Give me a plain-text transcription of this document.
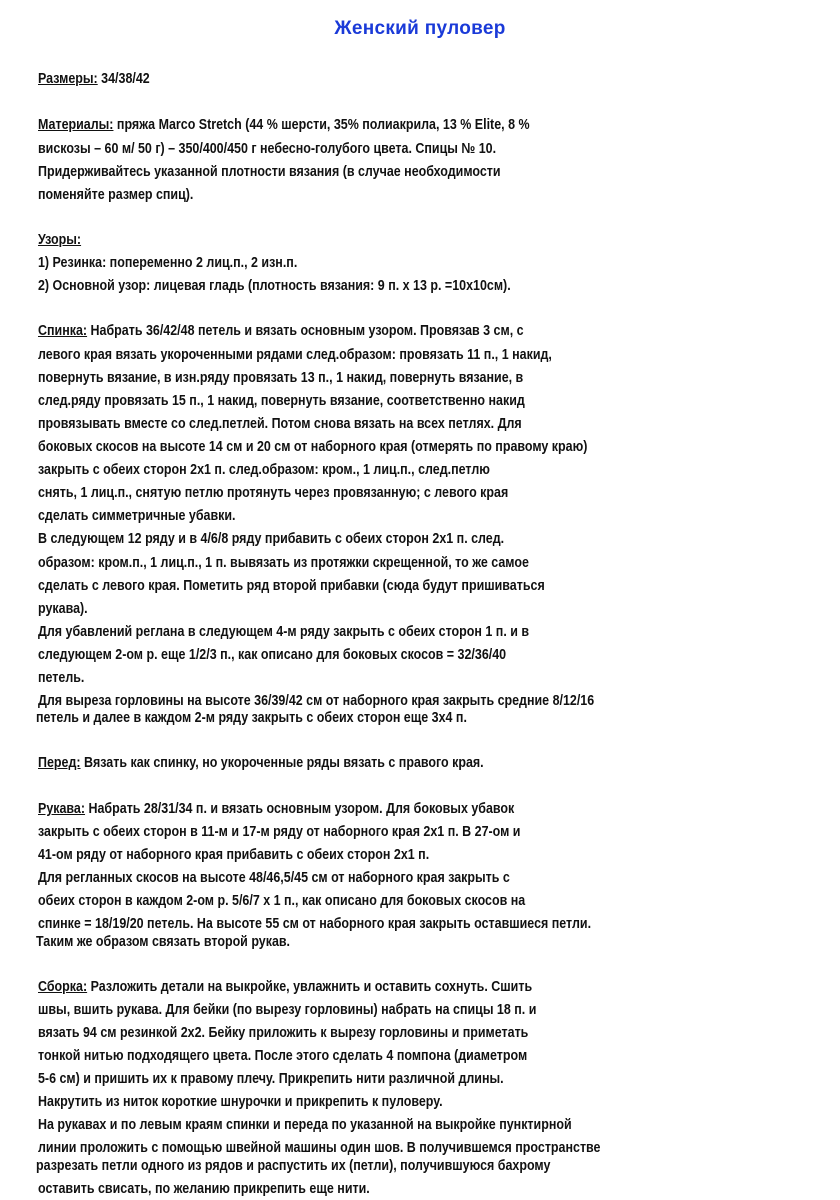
Женский пуловер
Размеры: 34/38/42
Материалы: пряжа Marco Stretch (44 % шерсти, 35% полиакрила, 13 % Elite, 8 %
вискозы – 60 м/ 50 г) – 350/400/450 г небесно-голубого цвета. Спицы № 10.
Придерживайтесь указанной плотности вязания (в случае необходимости
поменяйте размер спиц).
Узоры:
1) Резинка: попеременно 2 лиц.п., 2 изн.п.
2) Основной узор: лицевая гладь (плотность вязания: 9 п. х 13 р. =10х10см).
Спинка: Набрать 36/42/48 петель и вязать основным узором. Провязав 3 см, с
левого края вязать укороченными рядами след.образом: провязать 11 п., 1 накид,
повернуть вязание, в изн.ряду провязать 13 п., 1 накид, повернуть вязание, в
след.ряду провязать 15 п., 1 накид, повернуть вязание, соответственно накид
провязывать вместе со след.петлей. Потом снова вязать на всех петлях. Для
боковых скосов на высоте 14 см и 20 см от наборного края (отмерять по правому краю)
закрыть с обеих сторон 2х1 п. след.образом: кром., 1 лиц.п., след.петлю
снять, 1 лиц.п., снятую петлю протянуть через провязанную; с левого края
сделать симметричные убавки.
В следующем 12 ряду и в 4/6/8 ряду прибавить с обеих сторон 2х1 п. след.
образом: кром.п., 1 лиц.п., 1 п. вывязать из протяжки скрещенной, то же самое
сделать с левого края. Пометить ряд второй прибавки (сюда будут пришиваться
рукава).
Для убавлений реглана в следующем 4-м ряду закрыть с обеих сторон 1 п. и в
следующем 2-ом р. еще 1/2/3 п., как описано для боковых скосов = 32/36/40
петель.
Для выреза горловины на высоте 36/39/42 см от наборного края закрыть средние 8/12/16
петель и далее в каждом 2-м ряду закрыть с обеих сторон еще 3х4 п.
Перед: Вязать как спинку, но укороченные ряды вязать с правого края.
Рукава: Набрать 28/31/34 п. и вязать основным узором. Для боковых убавок
закрыть с обеих сторон в 11-м и 17-м ряду от наборного края 2х1 п. В 27-ом и
41-ом ряду от наборного края прибавить с обеих сторон 2х1 п.
Для регланных скосов на высоте 48/46,5/45 см от наборного края закрыть с
обеих сторон в каждом 2-ом р. 5/6/7 х 1 п., как описано для боковых скосов на
спинке = 18/19/20 петель. На высоте 55 см от наборного края закрыть оставшиеся петли.
Таким же образом связать второй рукав.
Сборка: Разложить детали на выкройке, увлажнить и оставить сохнуть. Сшить
швы, вшить рукава. Для бейки (по вырезу горловины) набрать на спицы 18 п. и
вязать 94 см резинкой 2х2. Бейку приложить к вырезу горловины и приметать
тонкой нитью подходящего цвета. После этого сделать 4 помпона (диаметром
5-6 см) и пришить их к правому плечу. Прикрепить нити различной длины.
Накрутить из ниток короткие шнурочки и прикрепить к пуловеру.
На рукавах и по левым краям спинки и переда по указанной на выкройке пунктирной
линии проложить с помощью швейной машины один шов. В получившемся пространстве
разрезать петли одного из рядов и распустить их (петли), получившуюся бахрому
оставить свисать, по желанию прикрепить еще нити.
